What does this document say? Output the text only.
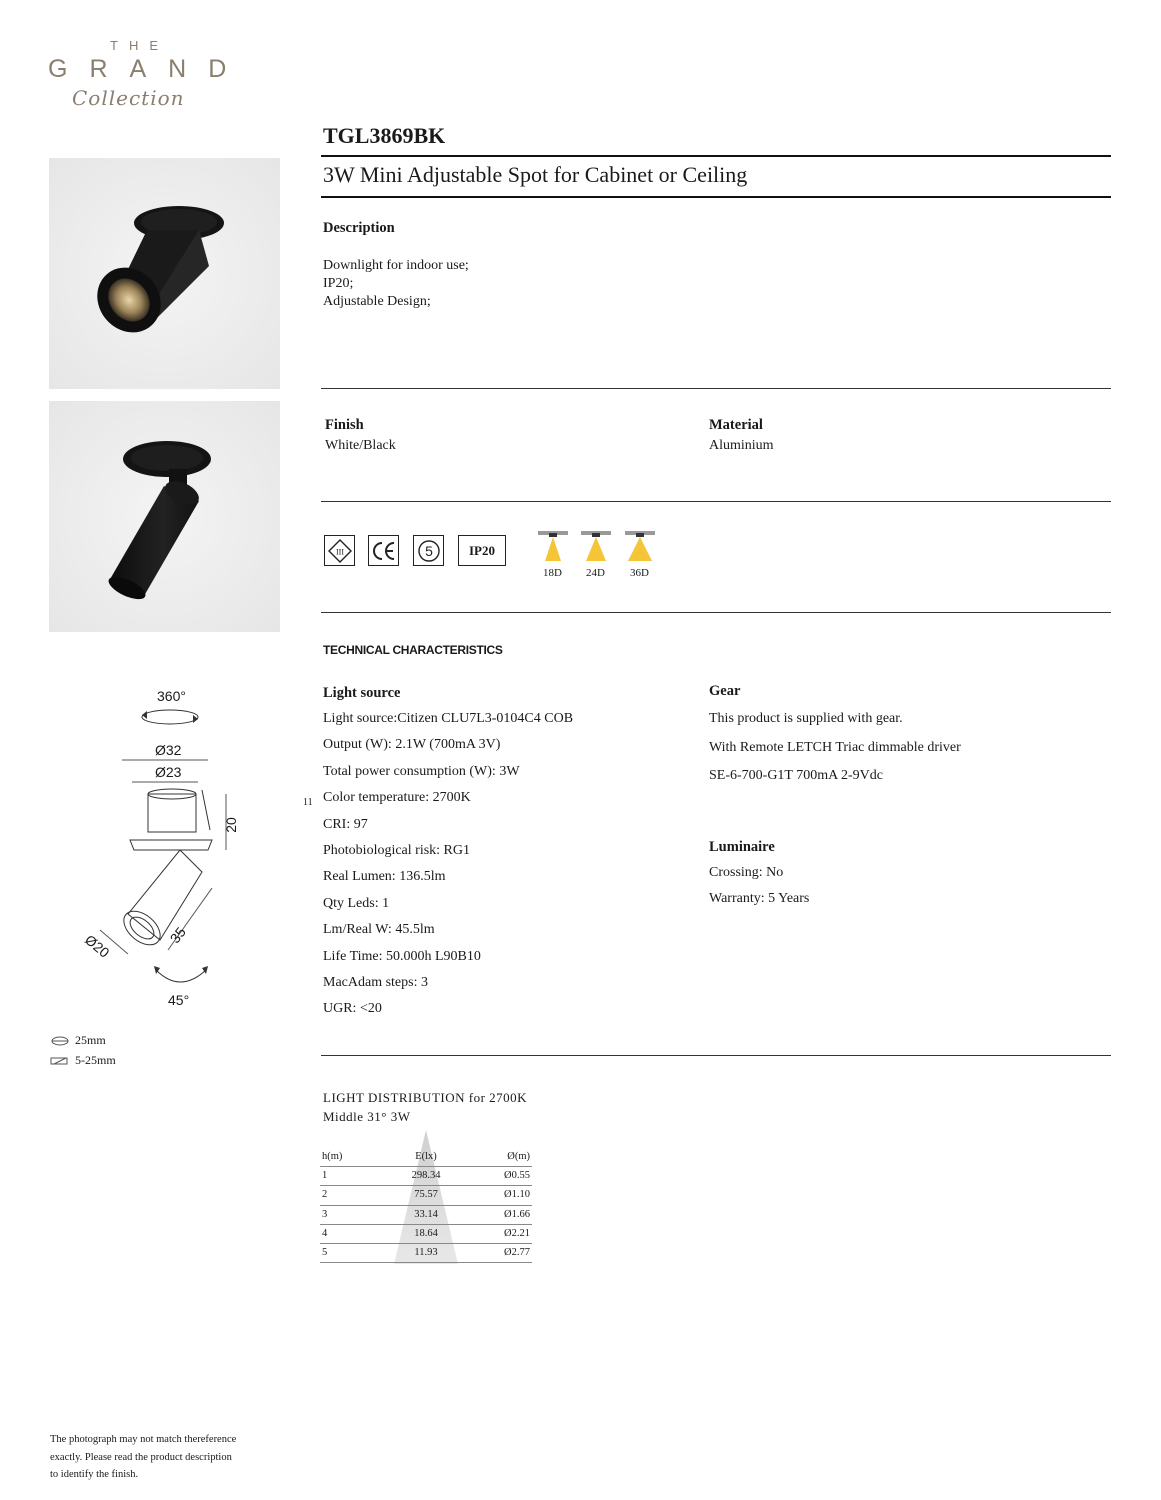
THE
GRAND
Collection
TGL3869BK
3W Mini Adjustable Spot for Cabinet or Ceiling
Description
Downlight for indoor use;
IP20;
Adjustable Design;
Finish
White/Black
Material
Aluminium
III	5	IP20
18D 24D 36D
TECHNICAL CHARACTERISTICS
Light source
Light source:Citizen CLU7L3-0104C4 COB
Output (W): 2.1W (700mA 3V)
Total power consumption (W): 3W
Color temperature: 2700K
CRI: 97
Photobiological risk: RG1
Real Lumen: 136.5lm
Qty Leds: 1
Lm/Real W: 45.5lm
Life Time: 50.000h L90B10
MacAdam steps: 3
UGR: <20
11
Gear
This product is supplied with gear.
With Remote LETCH Triac dimmable driver
SE-6-700-G1T 700mA 2-9Vdc
Luminaire
Crossing: No
Warranty: 5 Years
360°
Ø32
Ø23
20
35
Ø20
45°
25mm
5-25mm
LIGHT DISTRIBUTION for 2700K
Middle 31° 3W
h(m)	E(lx)	Ø(m)
1	298.34	Ø0.55
2	75.57	Ø1.10
3	33.14	Ø1.66
4	18.64	Ø2.21
5	11.93	Ø2.77
The photograph may not match thereference
exactly. Please read the product description
to identify the finish.
